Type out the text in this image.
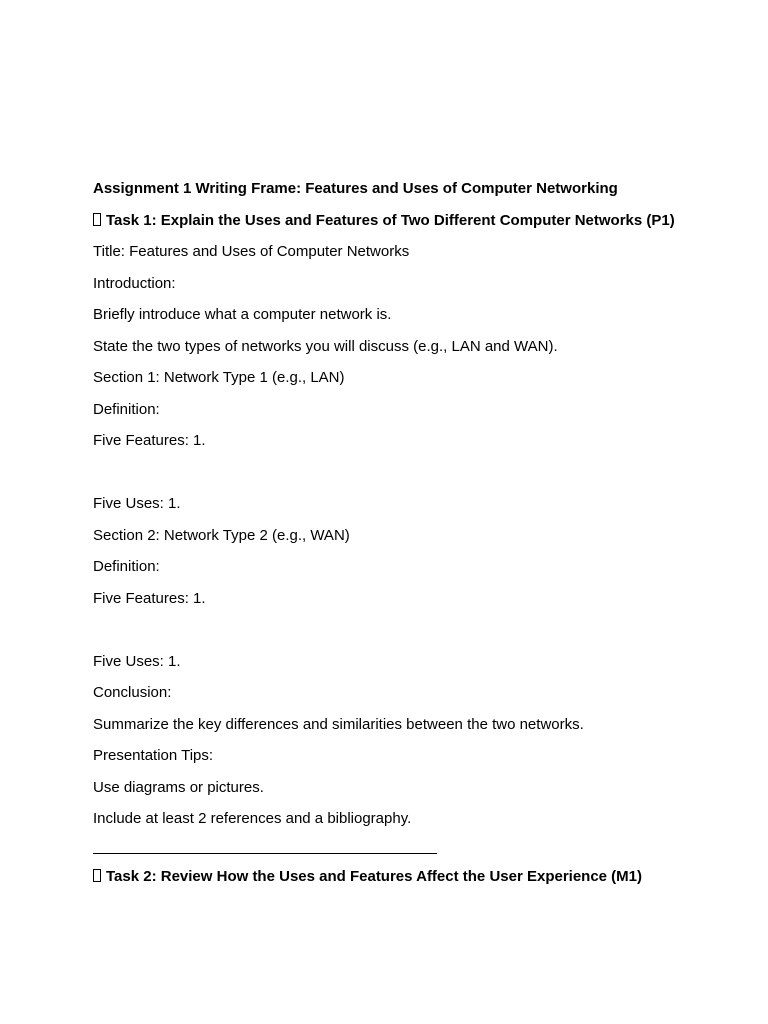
Assignment 1 Writing Frame: Features and Uses of Computer Networking
Task 1: Explain the Uses and Features of Two Different Computer Networks (P1)
Title: Features and Uses of Computer Networks
Introduction:
Briefly introduce what a computer network is.
State the two types of networks you will discuss (e.g., LAN and WAN).
Section 1: Network Type 1 (e.g., LAN)
Definition:
Five Features: 1.
Five Uses: 1.
Section 2: Network Type 2 (e.g., WAN)
Definition:
Five Features: 1.
Five Uses: 1.
Conclusion:
Summarize the key differences and similarities between the two networks.
Presentation Tips:
Use diagrams or pictures.
Include at least 2 references and a bibliography.
Task 2: Review How the Uses and Features Affect the User Experience (M1)
